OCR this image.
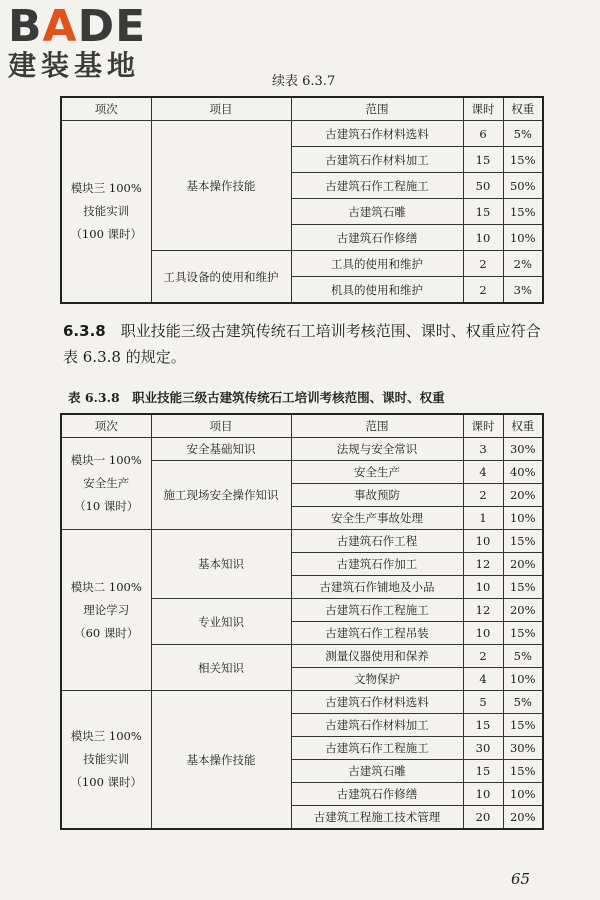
BADE
建装基地	续表 6.3.7
项次	项目	范围	课时	权重

模块三 100%
技能实训
（100 课时）	基本操作技能	古建筑石作材料选料	6	5%
		古建筑石作材料加工	15	15%
		古建筑石作工程施工	50	50%
		古建筑石雕	15	15%
		古建筑石作修缮	10	10%
	工具设备的使用和维护	工具的使用和维护	2	2%
		机具的使用和维护	2	3%
6.3.8　 职业技能三级古建筑传统石工培训考核范围、课时、权重应符合表 6.3.8 的规定。
表 6.3.8　职业技能三级古建筑传统石工培训考核范围、课时、权重
项次	项目	范围	课时	权重

模块一 100%
安全生产
（10 课时）	安全基础知识	法规与安全常识	3	30%
	施工现场安全操作知识	安全生产	4	40%
		事故预防	2	20%
		安全生产事故处理	1	10%

模块二 100%
理论学习
（60 课时）	基本知识	古建筑石作工程	10	15%
		古建筑石作加工	12	20%
		古建筑石作铺地及小品	10	15%
	专业知识	古建筑石作工程施工	12	20%
		古建筑石作工程吊装	10	15%
	相关知识	测量仪器使用和保养	2	5%
		文物保护	4	10%

模块三 100%
技能实训
（100 课时）	基本操作技能	古建筑石作材料选料	5	5%
		古建筑石作材料加工	15	15%
		古建筑石作工程施工	30	30%
		古建筑石雕	15	15%
		古建筑石作修缮	10	10%
		古建筑工程施工技术管理	20	20%
65
